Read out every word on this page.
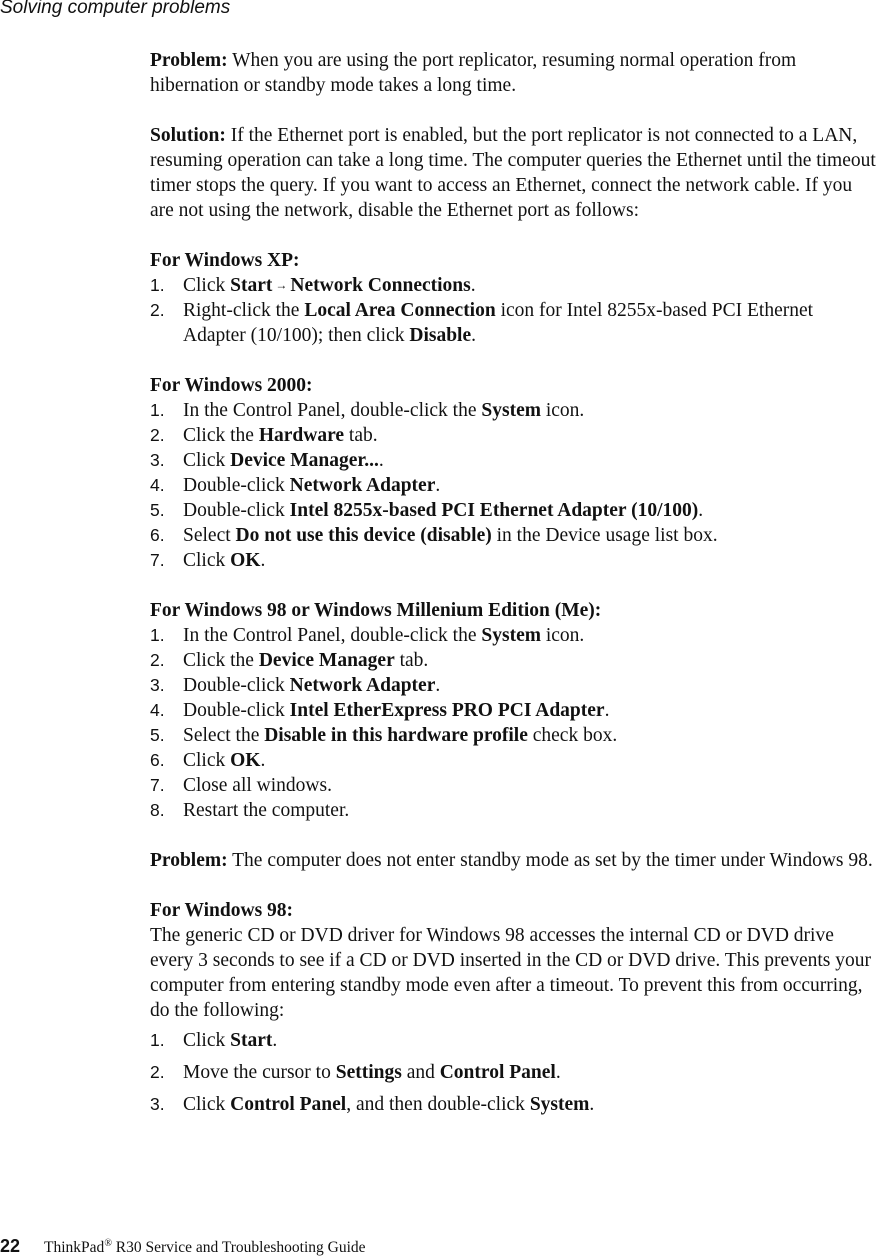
Solving computer problems

Problem: When you are using the port replicator, resuming normal operation from hibernation or standby mode takes a long time.

Solution: If the Ethernet port is enabled, but the port replicator is not connected to a LAN, resuming operation can take a long time. The computer queries the Ethernet until the timeout timer stops the query. If you want to access an Ethernet, connect the network cable. If you are not using the network, disable the Ethernet port as follows:

For Windows XP:

1. Click Start → Network Connections.
2. Right-click the Local Area Connection icon for Intel 8255x-based PCI Ethernet Adapter (10/100); then click Disable.

For Windows 2000:

1. In the Control Panel, double-click the System icon.
2. Click the Hardware tab.
3. Click Device Manager....
4. Double-click Network Adapter.
5. Double-click Intel 8255x-based PCI Ethernet Adapter (10/100).
6. Select Do not use this device (disable) in the Device usage list box.
7. Click OK.

For Windows 98 or Windows Millenium Edition (Me):

1. In the Control Panel, double-click the System icon.
2. Click the Device Manager tab.
3. Double-click Network Adapter.
4. Double-click Intel EtherExpress PRO PCI Adapter.
5. Select the Disable in this hardware profile check box.
6. Click OK.
7. Close all windows.
8. Restart the computer.

Problem: The computer does not enter standby mode as set by the timer under Windows 98.

For Windows 98:

The generic CD or DVD driver for Windows 98 accesses the internal CD or DVD drive every 3 seconds to see if a CD or DVD inserted in the CD or DVD drive. This prevents your computer from entering standby mode even after a timeout. To prevent this from occurring, do the following:

1. Click Start.
2. Move the cursor to Settings and Control Panel.
3. Click Control Panel, and then double-click System.
22 ThinkPad® R30 Service and Troubleshooting Guide
